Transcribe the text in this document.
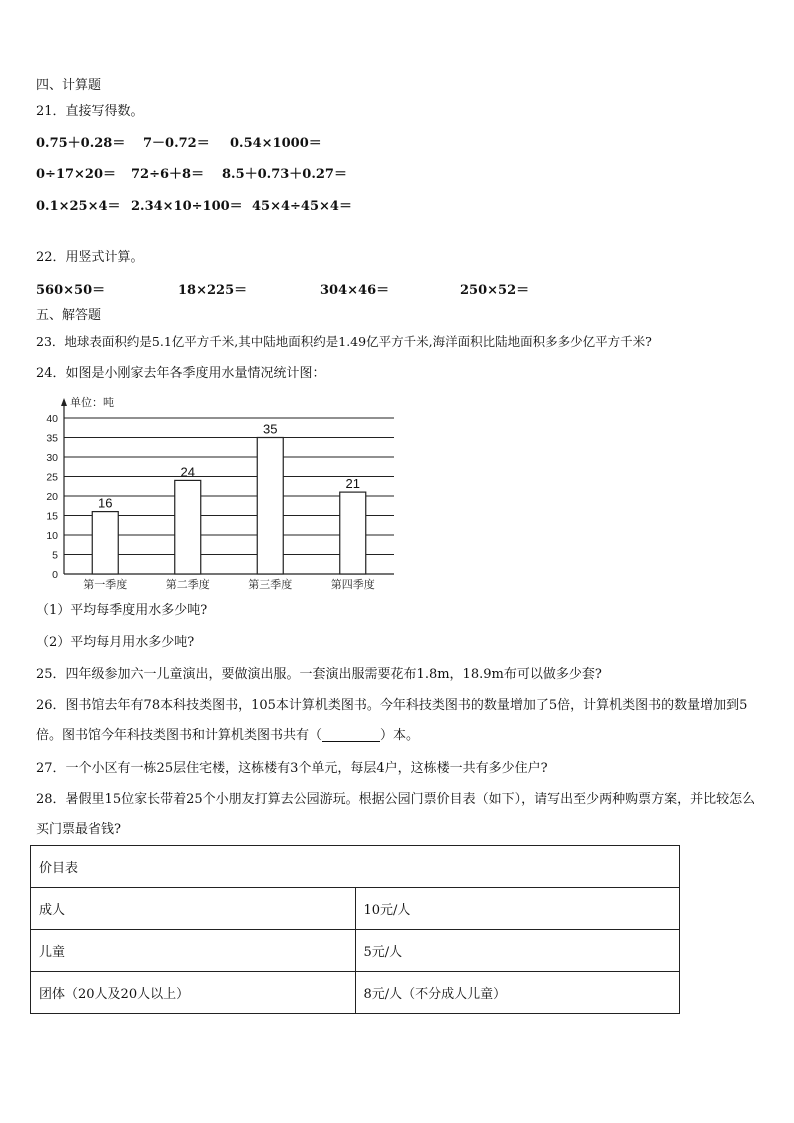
四、计算题
21．直接写得数。
0.75＋0.28＝ 7－0.72＝ 0.54×1000＝
0÷17×20＝ 72÷6＋8＝ 8.5＋0.73＋0.27＝
0.1×25×4＝ 2.34×10÷100＝ 45×4÷45×4＝
22．用竖式计算。
560×50＝	18×225＝	304×46＝	250×52＝
五、解答题
23．地球表面积约是5.1亿平方千米,其中陆地面积约是1.49亿平方千米,海洋面积比陆地面积多多少亿平方千米?
24．如图是小刚家去年各季度用水量情况统计图：
0
5
10
15
20
25
30
35
40
16
第一季度
24
第二季度
35
第三季度
21
第四季度
单位：吨
（1）平均每季度用水多少吨?
（2）平均每月用水多少吨?
25．四年级参加六一儿童演出，要做演出服。一套演出服需要花布1.8m，18.9m布可以做多少套?
26．图书馆去年有78本科技类图书，105本计算机类图书。今年科技类图书的数量增加了5倍，计算机类图书的数量增加到5倍。图书馆今年科技类图书和计算机类图书共有（	）本。
27．一个小区有一栋25层住宅楼，这栋楼有3个单元，每层4户，这栋楼一共有多少住户?
28．暑假里15位家长带着25个小朋友打算去公园游玩。根据公园门票价目表（如下），请写出至少两种购票方案，并比较怎么买门票最省钱?
价目表	
成人	10元/人
儿童	5元/人
团体（20人及20人以上）	8元/人（不分成人儿童）
